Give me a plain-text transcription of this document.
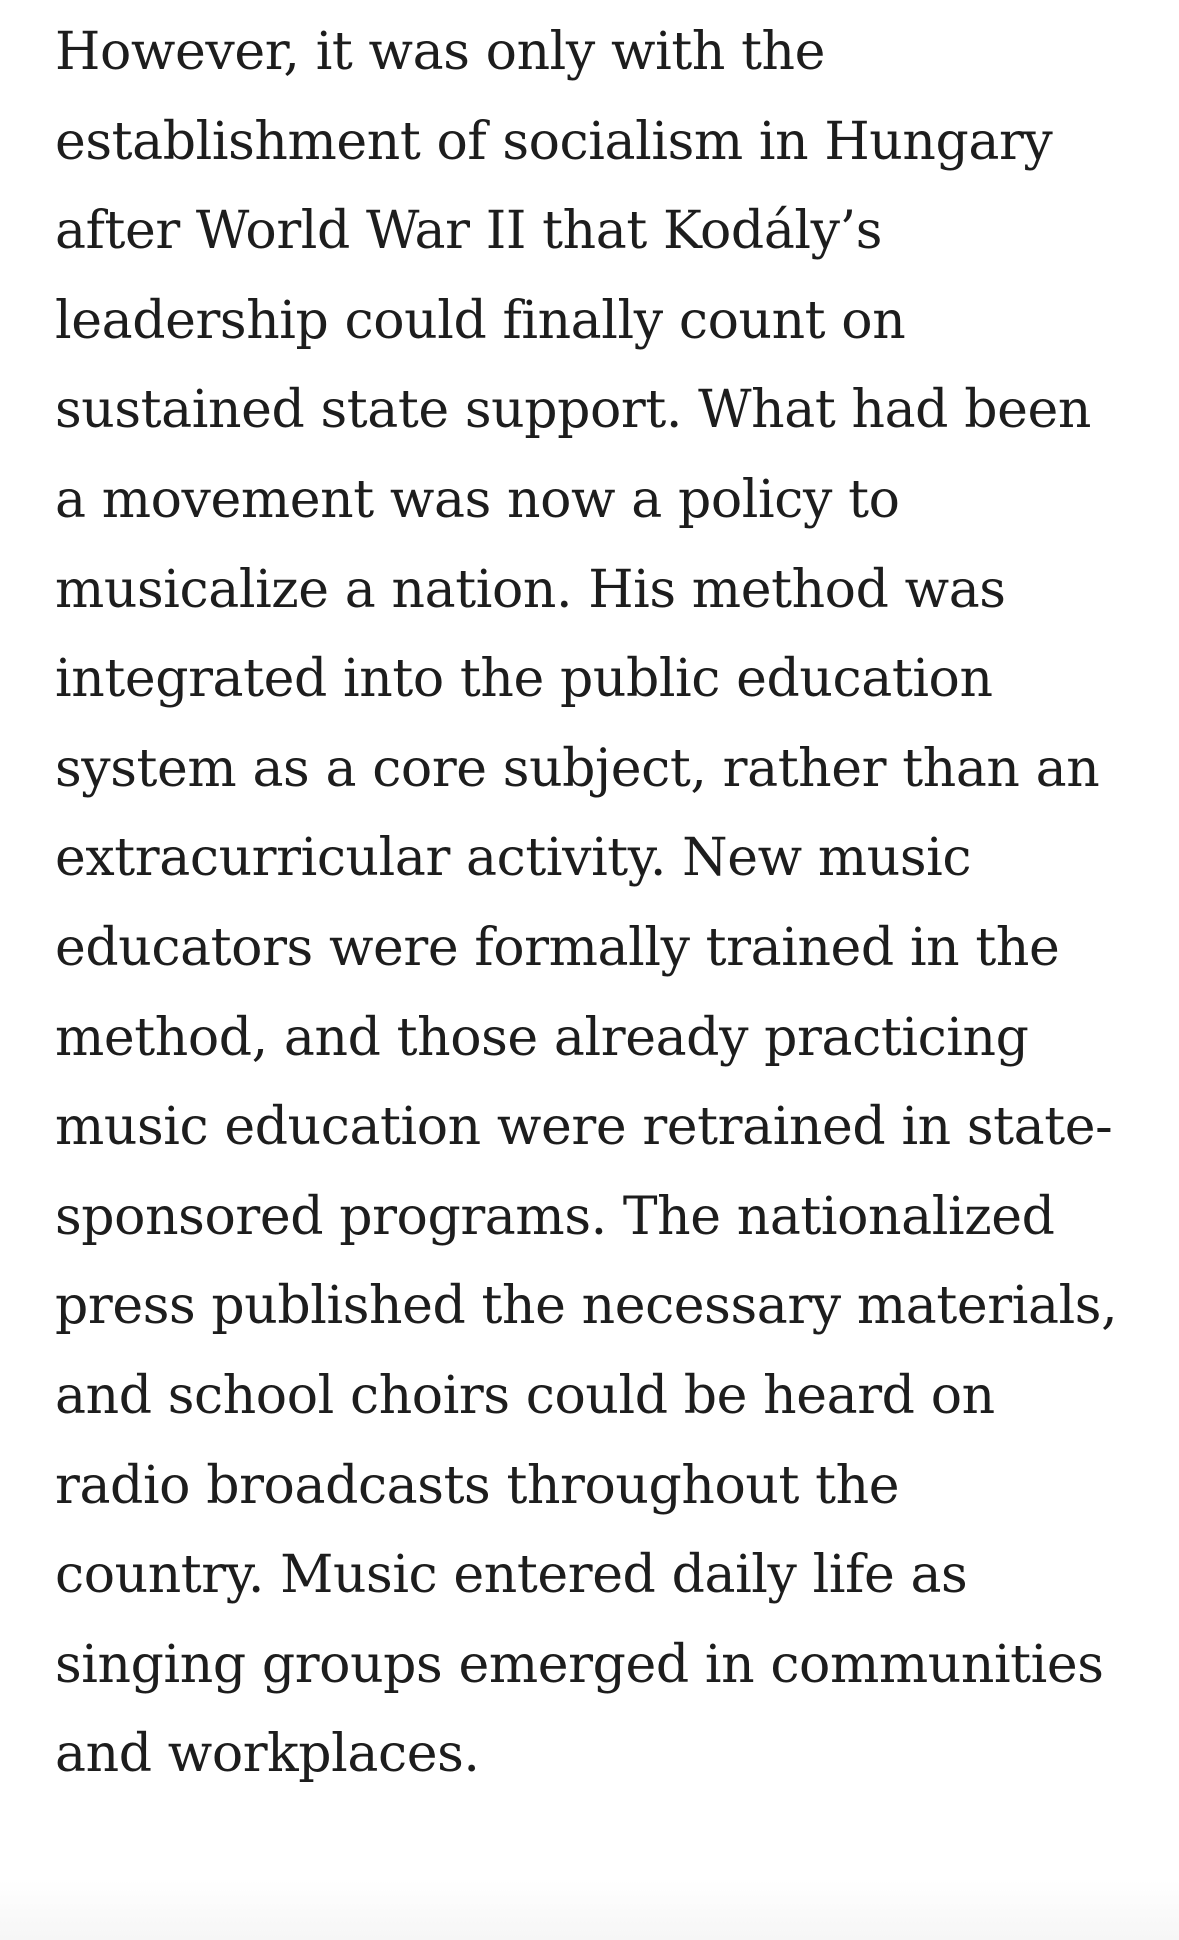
However, it was only with the
establishment of socialism in Hungary
after World War II that Kodály’s
leadership could finally count on
sustained state support. What had been
a movement was now a policy to
musicalize a nation. His method was
integrated into the public education
system as a core subject, rather than an
extracurricular activity. New music
educators were formally trained in the
method, and those already practicing
music education were retrained in state-
sponsored programs. The nationalized
press published the necessary materials,
and school choirs could be heard on
radio broadcasts throughout the
country. Music entered daily life as
singing groups emerged in communities
and workplaces.
